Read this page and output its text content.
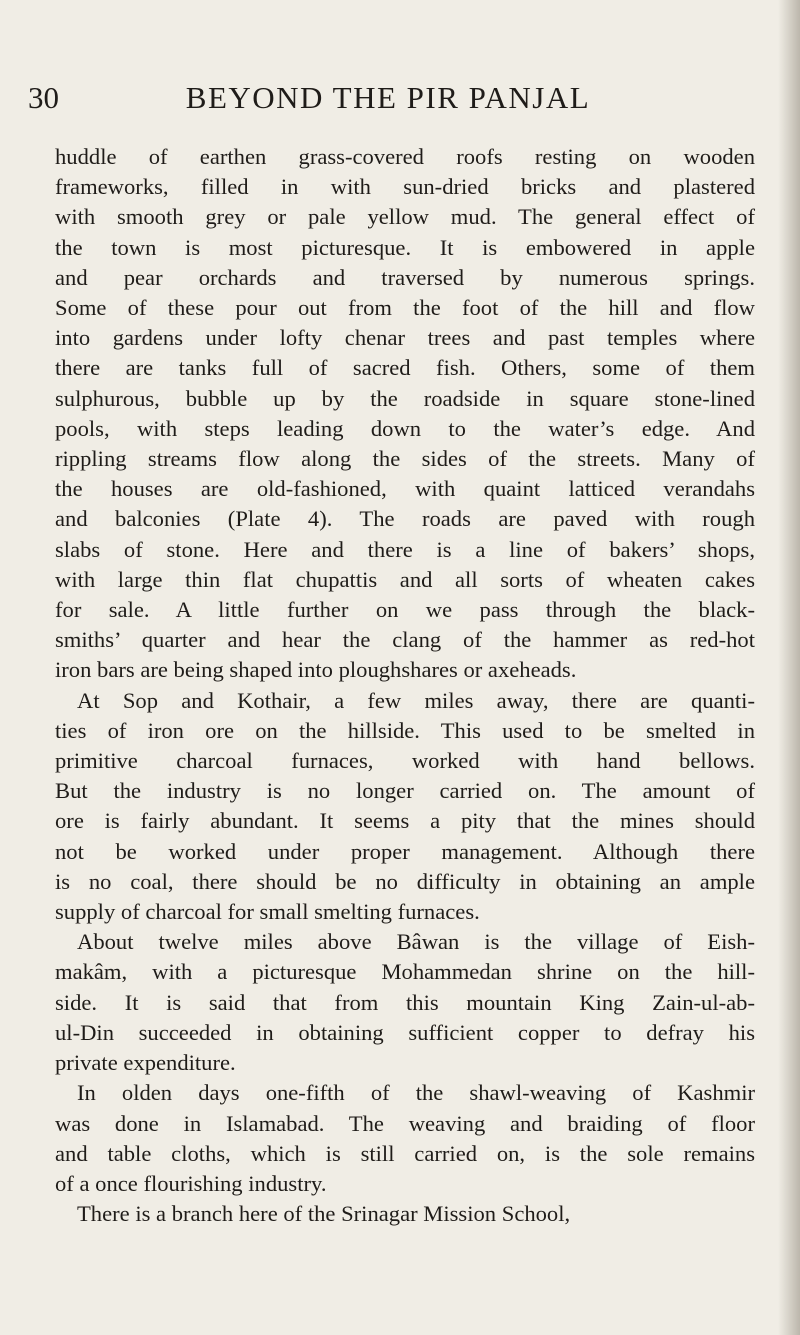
30	BEYOND THE PIR PANJAL

huddle of earthen grass-covered roofs resting on wooden

frameworks, filled in with sun-dried bricks and plastered

with smooth grey or pale yellow mud. The general effect of

the town is most picturesque. It is embowered in apple

and pear orchards and traversed by numerous springs.

Some of these pour out from the foot of the hill and flow

into gardens under lofty chenar trees and past temples where

there are tanks full of sacred fish. Others, some of them

sulphurous, bubble up by the roadside in square stone-lined

pools, with steps leading down to the water’s edge. And

rippling streams flow along the sides of the streets. Many of

the houses are old-fashioned, with quaint latticed verandahs

and balconies (Plate 4). The roads are paved with rough

slabs of stone. Here and there is a line of bakers’ shops,

with large thin flat chupattis and all sorts of wheaten cakes

for sale. A little further on we pass through the black-

smiths’ quarter and hear the clang of the hammer as red-hot

iron bars are being shaped into ploughshares or axeheads.

At Sop and Kothair, a few miles away, there are quanti-

ties of iron ore on the hillside. This used to be smelted in

primitive charcoal furnaces, worked with hand bellows.

But the industry is no longer carried on. The amount of

ore is fairly abundant. It seems a pity that the mines should

not be worked under proper management. Although there

is no coal, there should be no difficulty in obtaining an ample

supply of charcoal for small smelting furnaces.

About twelve miles above Bâwan is the village of Eish-

makâm, with a picturesque Mohammedan shrine on the hill-

side. It is said that from this mountain King Zain-ul-ab-

ul-Din succeeded in obtaining sufficient copper to defray his

private expenditure.

In olden days one-fifth of the shawl-weaving of Kashmir

was done in Islamabad. The weaving and braiding of floor

and table cloths, which is still carried on, is the sole remains

of a once flourishing industry.

There is a branch here of the Srinagar Mission School,
